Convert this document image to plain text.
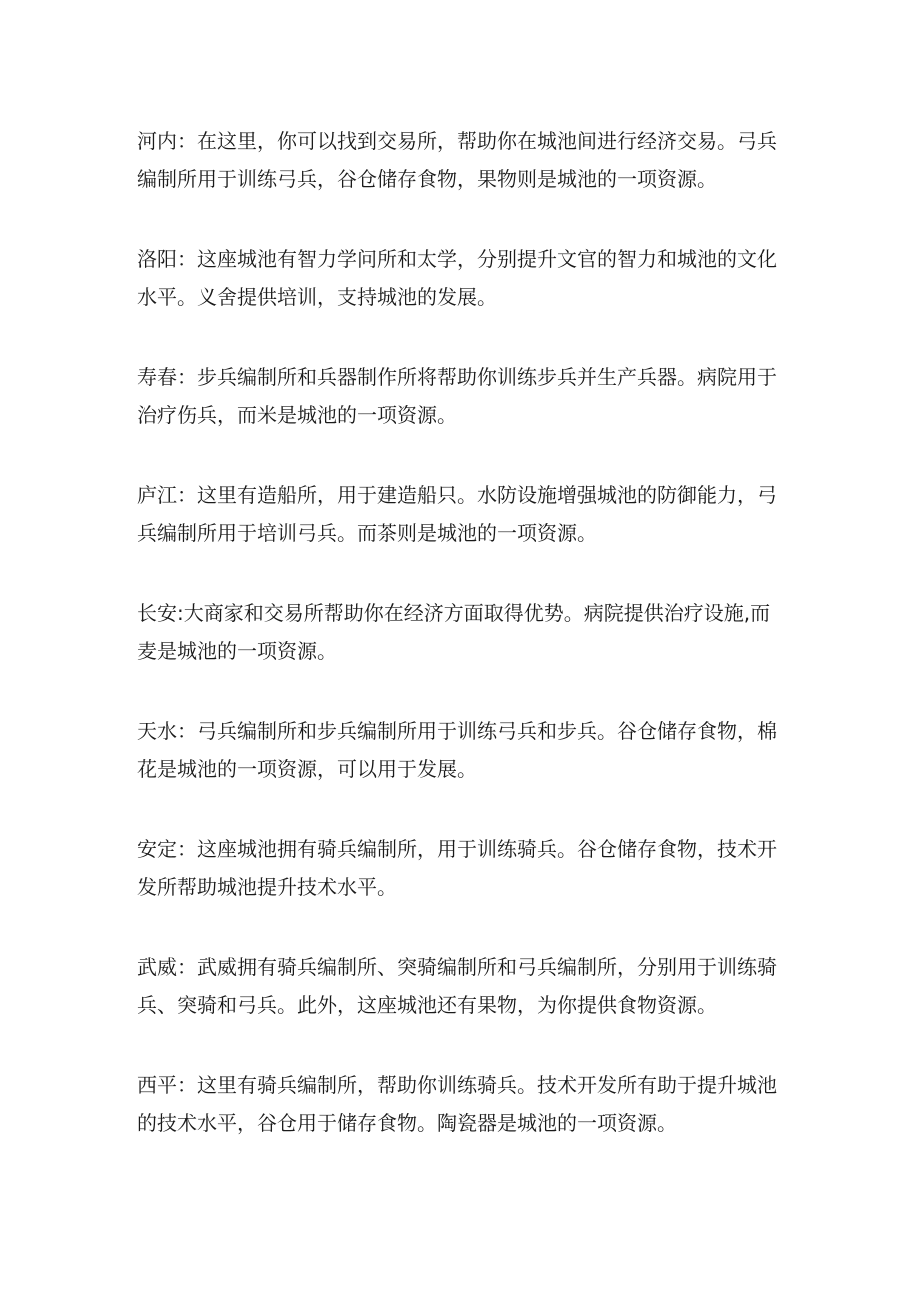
河内：在这里，你可以找到交易所，帮助你在城池间进行经济交易。弓兵编制所用于训练弓兵，谷仓储存食物，果物则是城池的一项资源。

洛阳：这座城池有智力学问所和太学，分别提升文官的智力和城池的文化水平。义舍提供培训，支持城池的发展。

寿春：步兵编制所和兵器制作所将帮助你训练步兵并生产兵器。病院用于治疗伤兵，而米是城池的一项资源。

庐江：这里有造船所，用于建造船只。水防设施增强城池的防御能力，弓兵编制所用于培训弓兵。而茶则是城池的一项资源。

长安:大商家和交易所帮助你在经济方面取得优势。病院提供治疗设施,而麦是城池的一项资源。

天水：弓兵编制所和步兵编制所用于训练弓兵和步兵。谷仓储存食物，棉花是城池的一项资源，可以用于发展。

安定：这座城池拥有骑兵编制所，用于训练骑兵。谷仓储存食物，技术开发所帮助城池提升技术水平。

武威：武威拥有骑兵编制所、突骑编制所和弓兵编制所，分别用于训练骑兵、突骑和弓兵。此外，这座城池还有果物，为你提供食物资源。

西平：这里有骑兵编制所，帮助你训练骑兵。技术开发所有助于提升城池的技术水平，谷仓用于储存食物。陶瓷器是城池的一项资源。
